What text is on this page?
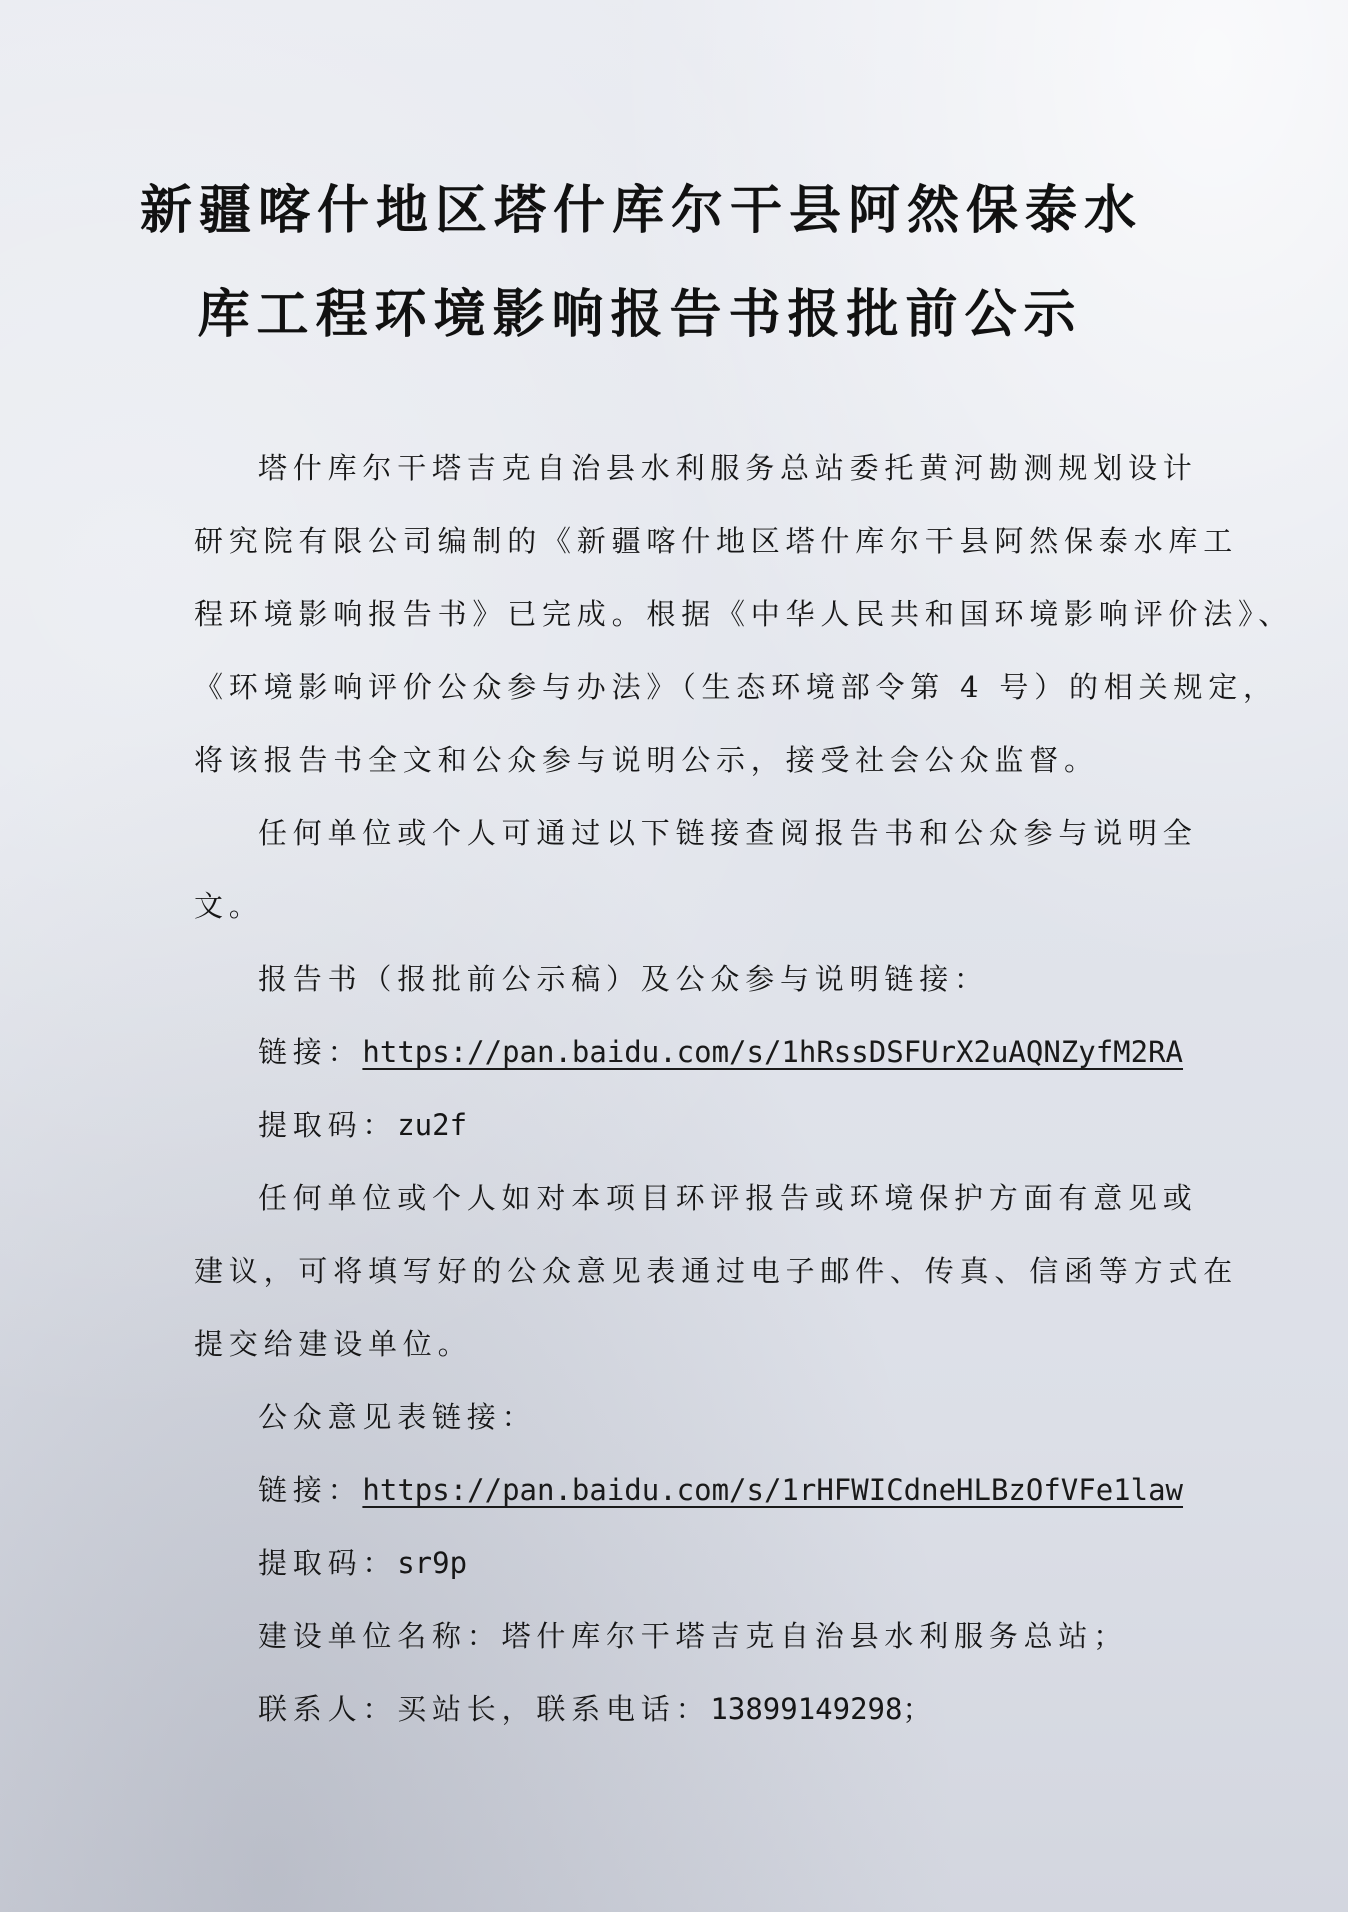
新疆喀什地区塔什库尔干县阿然保泰水
库工程环境影响报告书报批前公示
塔什库尔干塔吉克自治县水利服务总站委托黄河勘测规划设计
研究院有限公司编制的《新疆喀什地区塔什库尔干县阿然保泰水库工
程环境影响报告书》已完成。根据《中华人民共和国环境影响评价法》、
《环境影响评价公众参与办法》（生态环境部令第 4 号）的相关规定，
将该报告书全文和公众参与说明公示，接受社会公众监督。
任何单位或个人可通过以下链接查阅报告书和公众参与说明全
文。
报告书（报批前公示稿）及公众参与说明链接：
链接：https://pan.baidu.com/s/1hRssDSFUrX2uAQNZyfM2RA
提取码：zu2f
任何单位或个人如对本项目环评报告或环境保护方面有意见或
建议，可将填写好的公众意见表通过电子邮件、传真、信函等方式在
提交给建设单位。
公众意见表链接：
链接：https://pan.baidu.com/s/1rHFWICdneHLBzOfVFe1law
提取码：sr9p
建设单位名称：塔什库尔干塔吉克自治县水利服务总站；
联系人：买站长，联系电话：13899149298；
